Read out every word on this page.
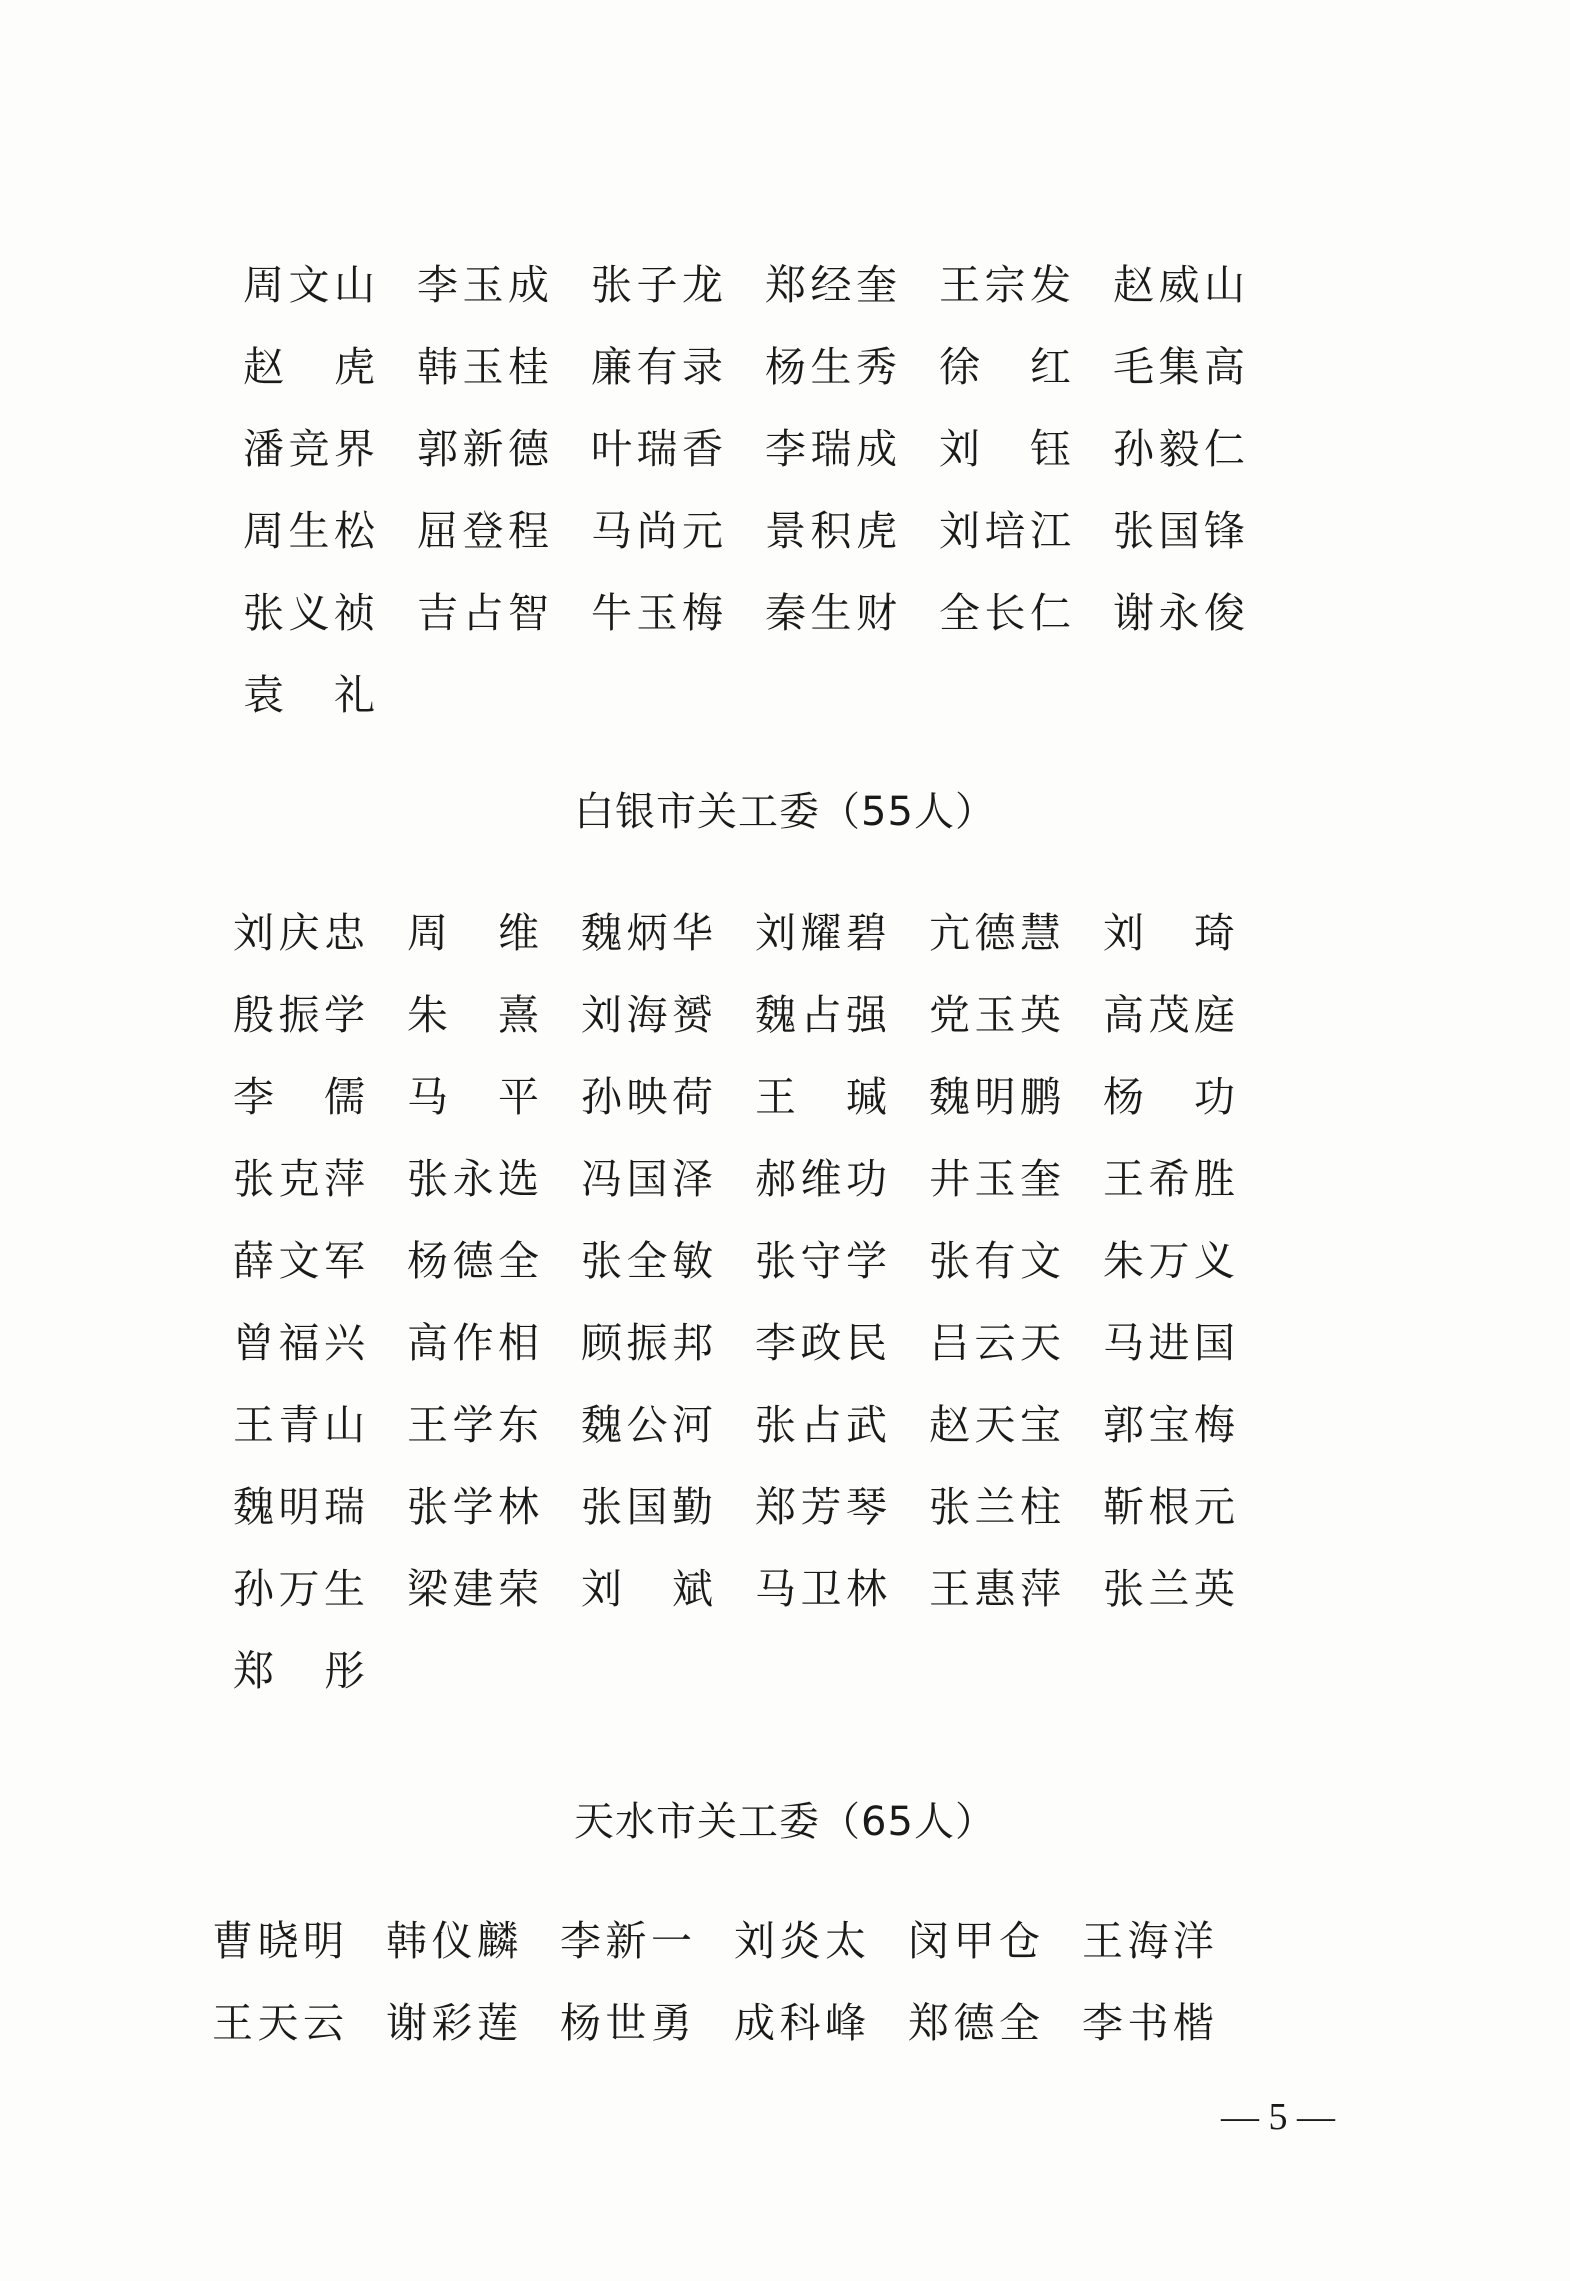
周 文 山 李 玉 成 张 子 龙 郑 经 奎 王 宗 发 赵 威 山
赵 虎 韩 玉 桂 廉 有 录 杨 生 秀 徐 红 毛 集 高
潘 竞 界 郭 新 德 叶 瑞 香 李 瑞 成 刘 钰 孙 毅 仁
周 生 松 屈 登 程 马 尚 元 景 积 虎 刘 培 江 张 国 锋
张 义 祯 吉 占 智 牛 玉 梅 秦 生 财 全 长 仁 谢 永 俊
袁 礼
白银市关工委（55人）
刘 庆 忠 周 维 魏 炳 华 刘 耀 碧 亢 德 慧 刘 琦
殷 振 学 朱 熹 刘 海 赟 魏 占 强 党 玉 英 高 茂 庭
李 儒 马 平 孙 映 荷 王 瑊 魏 明 鹏 杨 功
张 克 萍 张 永 选 冯 国 泽 郝 维 功 井 玉 奎 王 希 胜
薛 文 军 杨 德 全 张 全 敏 张 守 学 张 有 文 朱 万 义
曾 福 兴 高 作 相 顾 振 邦 李 政 民 吕 云 天 马 进 国
王 青 山 王 学 东 魏 公 河 张 占 武 赵 天 宝 郭 宝 梅
魏 明 瑞 张 学 林 张 国 勤 郑 芳 琴 张 兰 柱 靳 根 元
孙 万 生 梁 建 荣 刘 斌 马 卫 林 王 惠 萍 张 兰 英
郑 彤
天水市关工委（65人）
曹 晓 明 韩 仪 麟 李 新 一 刘 炎 太 闵 甲 仓 王 海 洋
王 天 云 谢 彩 莲 杨 世 勇 成 科 峰 郑 德 全 李 书 楷
— 5 —
